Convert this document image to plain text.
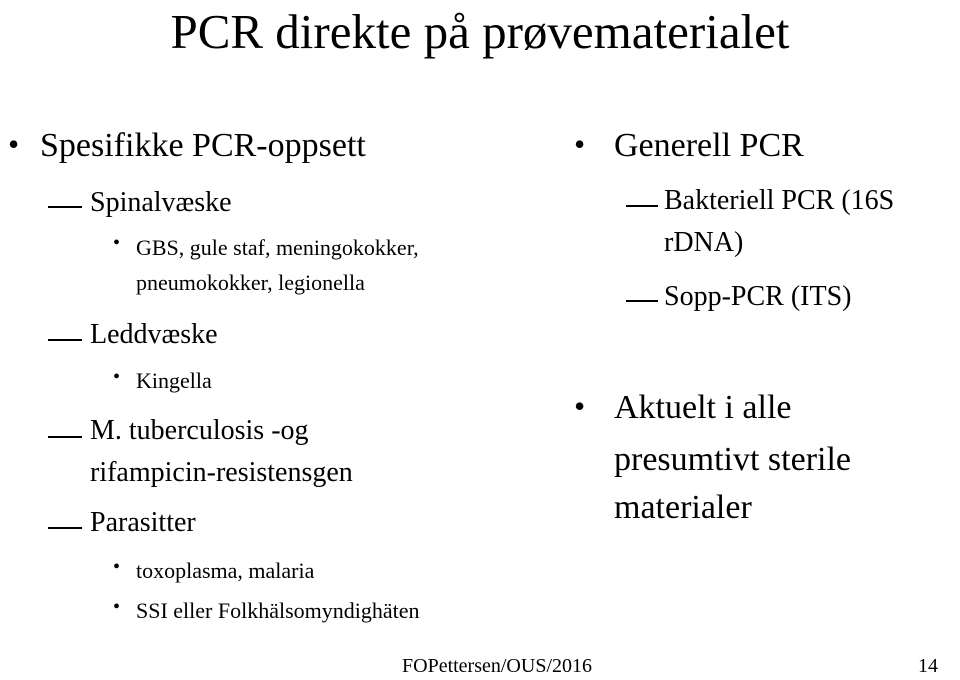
PCR direkte på prøvematerialet
• Spesifikke PCR-oppsett
Spinalvæske
• GBS, gule staf, meningokokker,
pneumokokker, legionella
Leddvæske
• Kingella
M. tuberculosis -og
rifampicin-resistensgen
Parasitter
• toxoplasma, malaria
• SSI eller Folkhälsomyndighäten
• Generell PCR
Bakteriell PCR (16S
rDNA)
Sopp-PCR (ITS)
• Aktuelt i alle
presumtivt sterile
materialer
FOPettersen/OUS/2016	14
